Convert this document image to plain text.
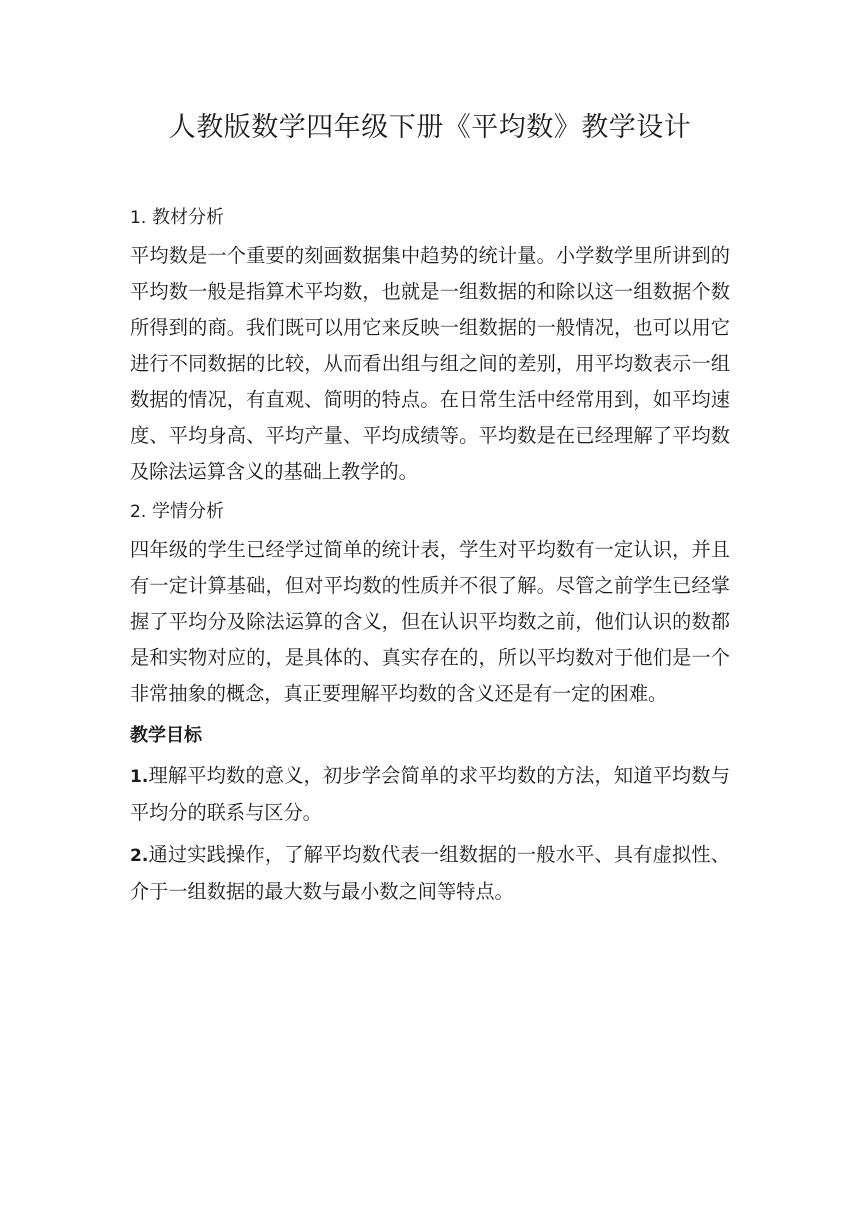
人教版数学四年级下册《平均数》教学设计
1. 教材分析

平均数是一个重要的刻画数据集中趋势的统计量。小学数学里所讲到的平均数一般是指算术平均数，也就是一组数据的和除以这一组数据个数所得到的商。我们既可以用它来反映一组数据的一般情况，也可以用它进行不同数据的比较，从而看出组与组之间的差别，用平均数表示一组数据的情况，有直观、简明的特点。在日常生活中经常用到，如平均速度、平均身高、平均产量、平均成绩等。平均数是在已经理解了平均数及除法运算含义的基础上教学的。

2. 学情分析

四年级的学生已经学过简单的统计表，学生对平均数有一定认识，并且有一定计算基础，但对平均数的性质并不很了解。尽管之前学生已经掌握了平均分及除法运算的含义，但在认识平均数之前，他们认识的数都是和实物对应的，是具体的、真实存在的，所以平均数对于他们是一个非常抽象的概念，真正要理解平均数的含义还是有一定的困难。

教学目标

1.理解平均数的意义，初步学会简单的求平均数的方法，知道平均数与平均分的联系与区分。

2.通过实践操作，了解平均数代表一组数据的一般水平、具有虚拟性、介于一组数据的最大数与最小数之间等特点。
